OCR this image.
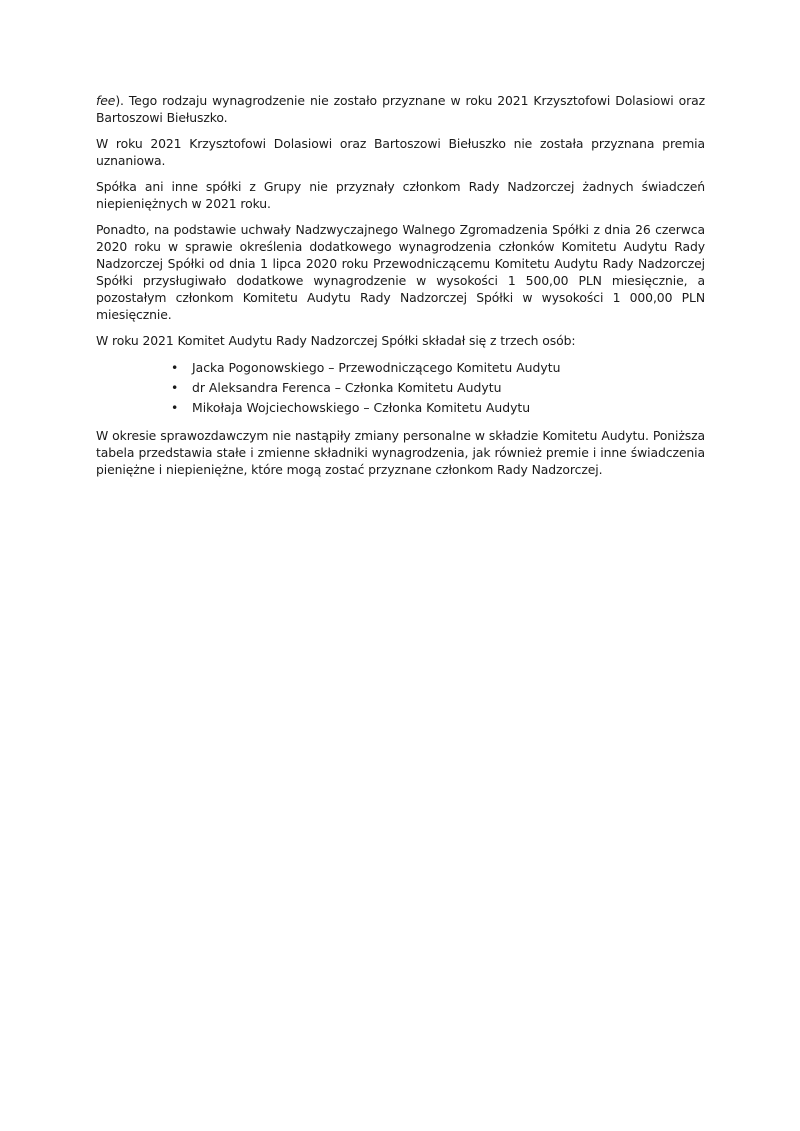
fee). Tego rodzaju wynagrodzenie nie zostało przyznane w roku 2021 Krzysztofowi Dolasiowi oraz Bartoszowi Biełuszko.

W roku 2021 Krzysztofowi Dolasiowi oraz Bartoszowi Biełuszko nie została przyznana premia uznaniowa.

Spółka ani inne spółki z Grupy nie przyznały członkom Rady Nadzorczej żadnych świadczeń niepieniężnych w 2021 roku.

Ponadto, na podstawie uchwały Nadzwyczajnego Walnego Zgromadzenia Spółki z dnia 26 czerwca 2020 roku w sprawie określenia dodatkowego wynagrodzenia członków Komitetu Audytu Rady Nadzorczej Spółki od dnia 1 lipca 2020 roku Przewodniczącemu Komitetu Audytu Rady Nadzorczej Spółki przysługiwało dodatkowe wynagrodzenie w wysokości 1 500,00 PLN miesięcznie, a pozostałym członkom Komitetu Audytu Rady Nadzorczej Spółki w wysokości 1 000,00 PLN miesięcznie.

W roku 2021 Komitet Audytu Rady Nadzorczej Spółki składał się z trzech osób:

• Jacka Pogonowskiego – Przewodniczącego Komitetu Audytu
• dr Aleksandra Ferenca – Członka Komitetu Audytu
• Mikołaja Wojciechowskiego – Członka Komitetu Audytu

W okresie sprawozdawczym nie nastąpiły zmiany personalne w składzie Komitetu Audytu. Poniższa tabela przedstawia stałe i zmienne składniki wynagrodzenia, jak również premie i inne świadczenia pieniężne i niepieniężne, które mogą zostać przyznane członkom Rady Nadzorczej.
